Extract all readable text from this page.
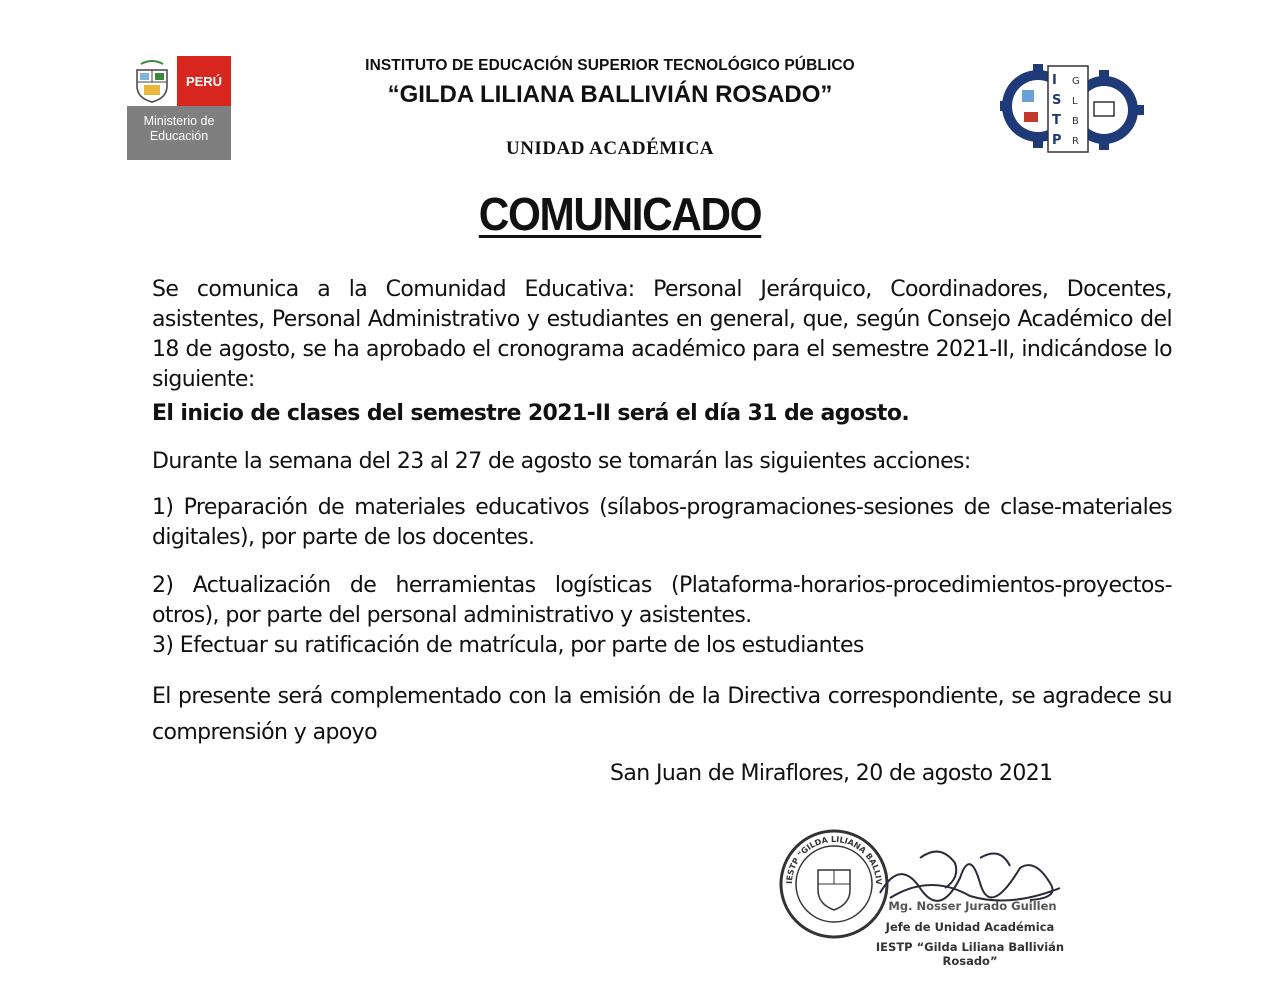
PERÚ
Ministerio de
Educación
INSTITUTO DE EDUCACIÓN SUPERIOR TECNOLÓGICO PÚBLICO
“GILDA LILIANA BALLIVIÁN ROSADO”
UNIDAD ACADÉMICA
I
S
T
P
G
L
B
R
COMUNICADO
Se comunica a la Comunidad Educativa: Personal Jerárquico, Coordinadores, Docentes, asistentes, Personal Administrativo y estudiantes en general, que, según Consejo Académico del 18 de agosto, se ha aprobado el cronograma académico para el semestre 2021-II, indicándose lo siguiente:
El inicio de clases del semestre 2021-II será el día 31 de agosto.
Durante la semana del 23 al 27 de agosto se tomarán las siguientes acciones:
1) Preparación de materiales educativos (sílabos-programaciones-sesiones de clase-materiales digitales), por parte de los docentes.
2) Actualización de herramientas logísticas (Plataforma-horarios-procedimientos-proyectos-otros), por parte del personal administrativo y asistentes.
3) Efectuar su ratificación de matrícula, por parte de los estudiantes
El presente será complementado con la emisión de la Directiva correspondiente, se agradece su comprensión y apoyo
San Juan de Miraflores, 20 de agosto 2021
IESTP "GILDA LILIANA BALLIV
Mg. Nosser Jurado Guillen
Jefe de Unidad Académica
IESTP “Gilda Liliana Ballivián Rosado”
